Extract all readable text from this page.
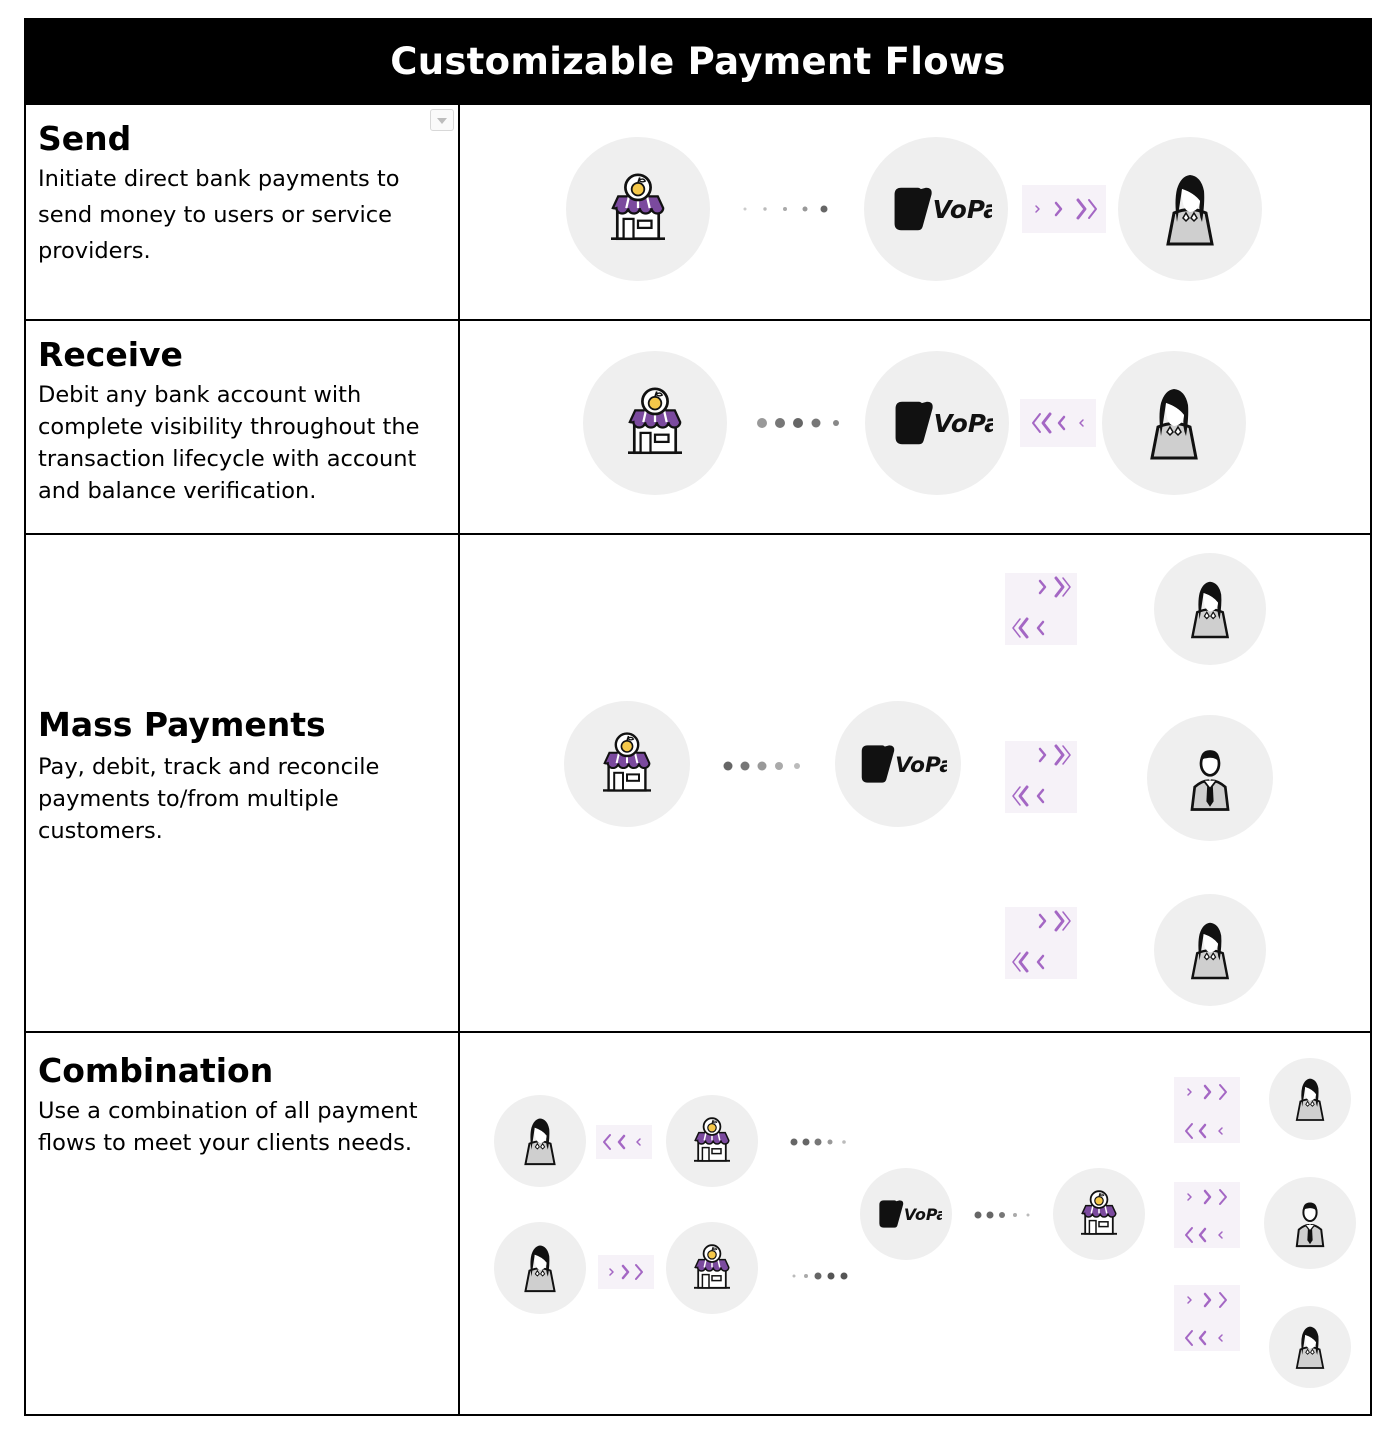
Customizable Payment Flows

Send

Initiate direct bank payments to send money to users or service providers.

Receive

Debit any bank account with complete visibility throughout the transaction lifecycle with account and balance verification.

Mass Payments

Pay, debit, track and reconcile payments to/from multiple customers.

Combination

Use a combination of all payment flows to meet your clients needs.
